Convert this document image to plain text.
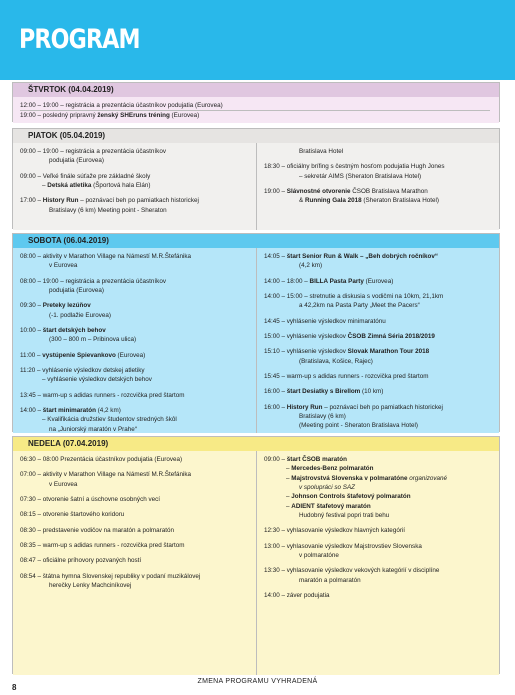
PROGRAM
ŠTVRTOK (04.04.2019)
12:00 – 19:00 – registrácia a prezentácia účastníkov podujatia (Eurovea)
19:00 – posledný pripravný ženský SHEruns tréning (Eurovea)
PIATOK (05.04.2019)
09:00 – 19:00 – registrácia a prezentácia účastníkov
podujatia (Eurovea)
09:00 – Veľké finále súťaže pre základné školy
– Detská atletika (Športová hala Elán)
17:00 – History Run – poznávací beh po pamiatkach historickej
Bratislavy (6 km) Meeting point - Sheraton
Bratislava Hotel
18:30 – oficiálny brífing s čestným hosťom podujatia Hugh Jones
– sekretár AIMS (Sheraton Bratislava Hotel)
19:00 – Slávnostné otvorenie ČSOB Bratislava Marathon
& Running Gala 2018 (Sheraton Bratislava Hotel)
SOBOTA (06.04.2019)
08:00 – aktivity v Marathon Village na Námestí M.R.Štefánika
v Eurovea
08:00 – 19:00 – registrácia a prezentácia účastníkov
podujatia (Eurovea)
09:30 – Preteky lezúňov
(-1. podlažie Eurovea)
10:00 – štart detských behov
(300 – 800 m – Pribinova ulica)
11:00 – vystúpenie Spievankovo (Eurovea)
11:20 – vyhlásenie výsledkov detskej atletiky
– vyhlásenie výsledkov detských behov
13:45 – warm-up s adidas runners - rozcvička pred štartom
14:00 – štart minimaratón (4,2 km)
– Kvalifikácia družstiev študentov stredných škôl
na „Juniorský maratón v Prahe“
14:05 – štart Senior Run & Walk – „Beh dobrých ročníkov“
(4,2 km)
14:00 – 18:00 – BILLA Pasta Party (Eurovea)
14:00 – 15:00 – stretnutie a diskusia s vodičmi na 10km, 21,1km
a 42,2km na Pasta Party „Meet the Pacers“
14:45 – vyhlásenie výsledkov minimaratónu
15:00 – vyhlásenie výsledkov ČSOB Zimná Séria 2018/2019
15:10 – vyhlásenie výsledkov Slovak Marathon Tour 2018
(Bratislava, Košice, Rajec)
15:45 – warm-up s adidas runners - rozcvička pred štartom
16:00 – štart Desiatky s Birellom (10 km)
16:00 – History Run – poznávací beh po pamiatkach historickej
Bratislavy (6 km)
(Meeting point - Sheraton Bratislava Hotel)
NEDEĽA (07.04.2019)
06:30 – 08:00 Prezentácia účastníkov podujatia (Eurovea)
07:00 – aktivity v Marathon Village na Námestí M.R.Štefánika
v Eurovea
07:30 – otvorenie šatní a úschovne osobných vecí
08:15 – otvorenie štartového koridoru
08:30 – predstavenie vodičov na maratón a polmaratón
08:35 – warm-up s adidas runners - rozcvička pred štartom
08:47 – oficiálne príhovory pozvaných hostí
08:54 – štátna hymna Slovenskej republiky v podaní muzikálovej
herečky Lenky Machciníkovej
09:00 – štart ČSOB maratón
– Mercedes-Benz polmaratón
– Majstrovstvá Slovenska v polmaratóne organizované
v spolupráci so SAZ
– Johnson Controls štafetový polmaratón
– ADIENT štafetový maratón
Hudobný festival popri trati behu
12:30 – vyhlasovanie výsledkov hlavných kategórií
13:00 – vyhlasovanie výsledkov Majstrovstiev Slovenska
v polmaratóne
13:30 – vyhlasovanie výsledkov vekových kategórií v disciplíne
maratón a polmaratón
14:00 – záver podujatia
ZMENA PROGRAMU VYHRADENÁ
8
